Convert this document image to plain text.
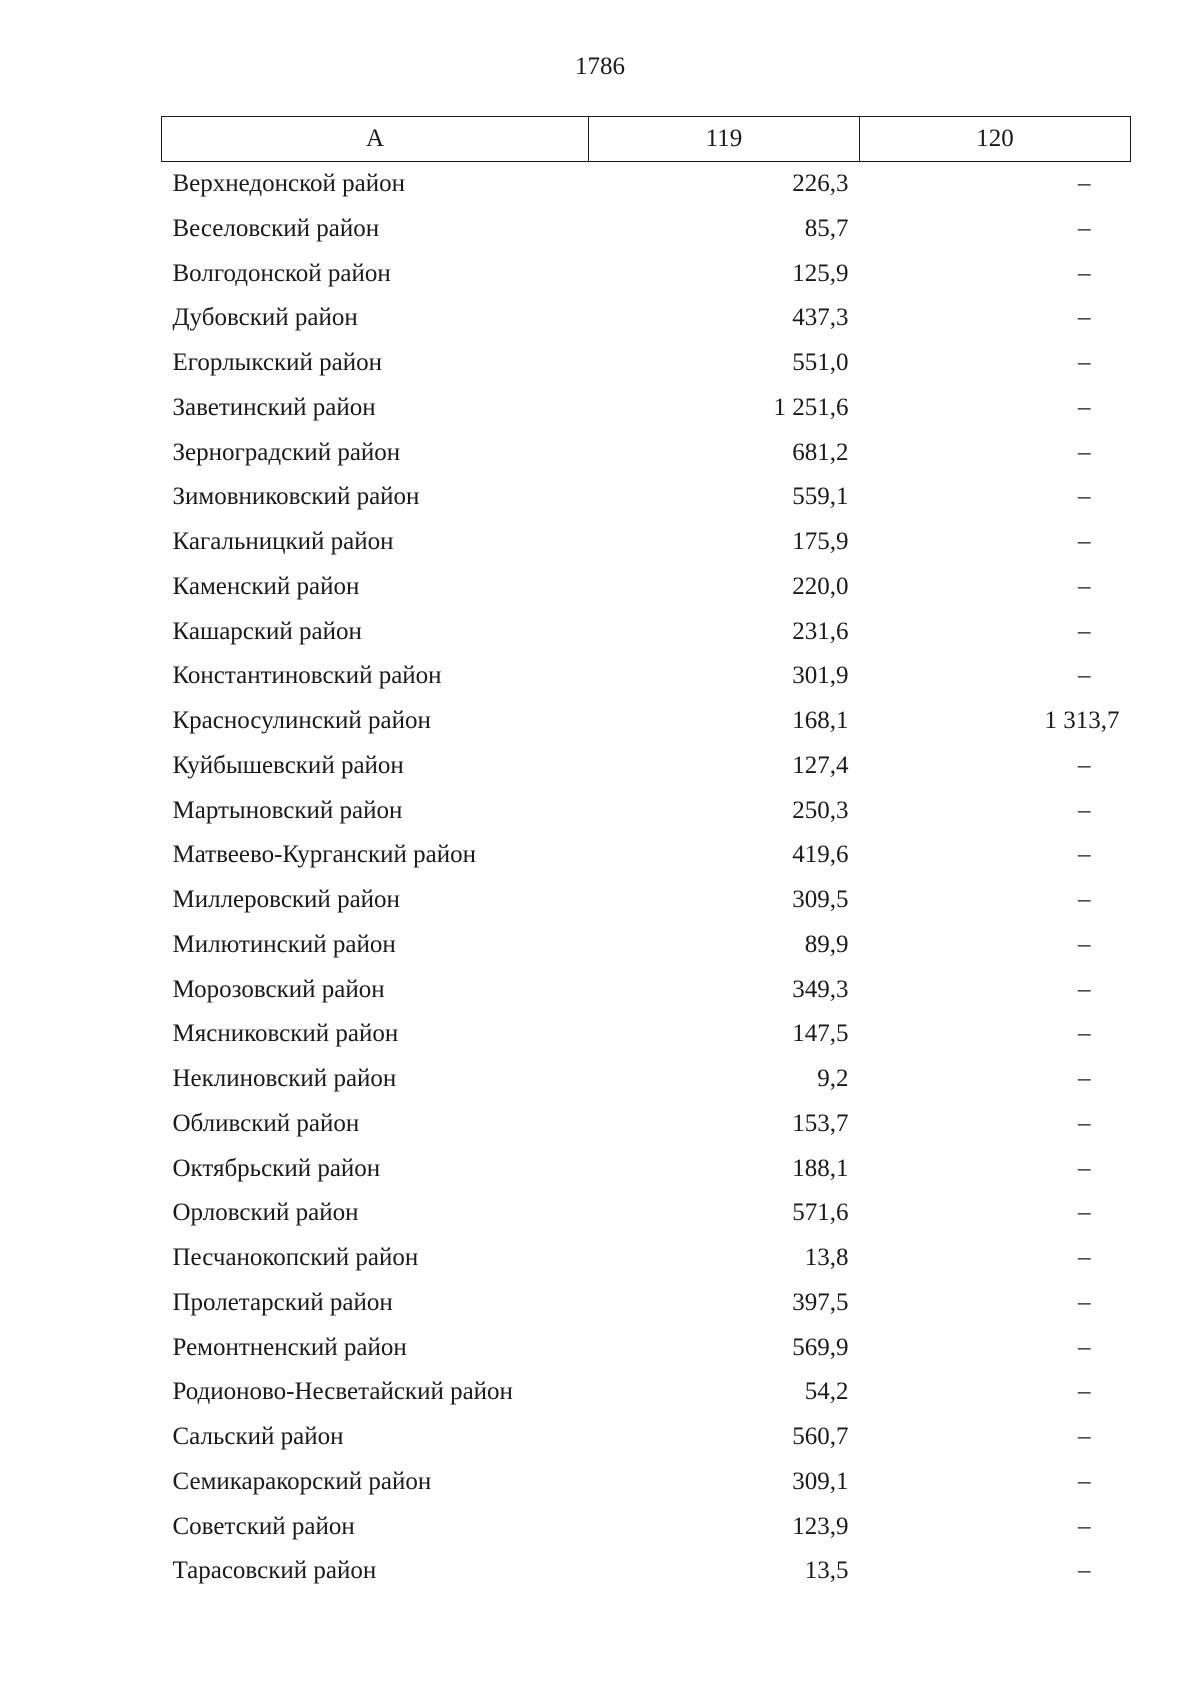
1786
А	119	120
Верхнедонской район	226,3	–
Веселовский район	85,7	–
Волгодонской район	125,9	–
Дубовский район	437,3	–
Егорлыкский район	551,0	–
Заветинский район	1 251,6	–
Зерноградский район	681,2	–
Зимовниковский район	559,1	–
Кагальницкий район	175,9	–
Каменский район	220,0	–
Кашарский район	231,6	–
Константиновский район	301,9	–
Красносулинский район	168,1	1 313,7
Куйбышевский район	127,4	–
Мартыновский район	250,3	–
Матвеево-Курганский район	419,6	–
Миллеровский район	309,5	–
Милютинский район	89,9	–
Морозовский район	349,3	–
Мясниковский район	147,5	–
Неклиновский район	9,2	–
Обливский район	153,7	–
Октябрьский район	188,1	–
Орловский район	571,6	–
Песчанокопский район	13,8	–
Пролетарский район	397,5	–
Ремонтненский район	569,9	–
Родионово-Несветайский район	54,2	–
Сальский район	560,7	–
Семикаракорский район	309,1	–
Советский район	123,9	–
Тарасовский район	13,5	–
